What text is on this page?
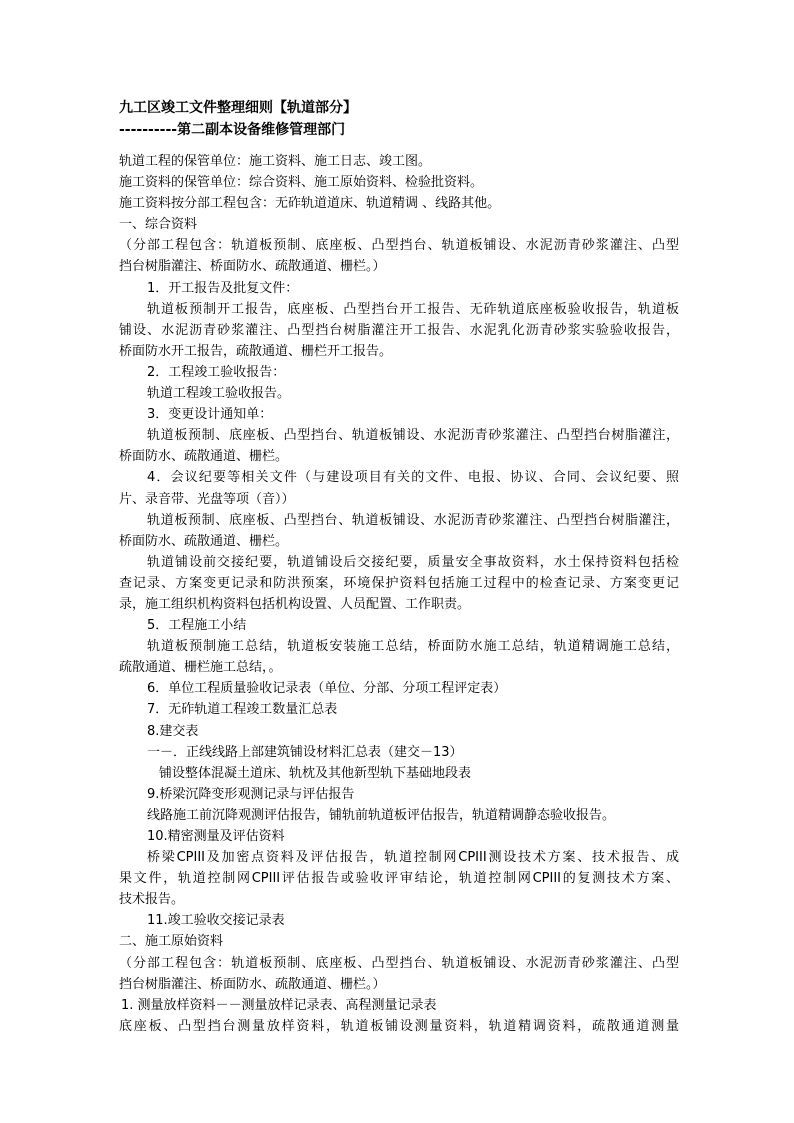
九工区竣工文件整理细则【轨道部分】
----------第二副本设备维修管理部门
轨道工程的保管单位：施工资料、施工日志、竣工图。
施工资料的保管单位：综合资料、施工原始资料、检验批资料。
施工资料按分部工程包含：无砟轨道道床、轨道精调 、线路其他。
一、综合资料
（分部工程包含：轨道板预制、底座板、凸型挡台、轨道板铺设、水泥沥青砂浆灌注、凸型
挡台树脂灌注、桥面防水、疏散通道、栅栏。）
1．开工报告及批复文件：
轨道板预制开工报告，底座板、凸型挡台开工报告、无砟轨道底座板验收报告，轨道板
铺设、水泥沥青砂浆灌注、凸型挡台树脂灌注开工报告、水泥乳化沥青砂浆实验验收报告，
桥面防水开工报告，疏散通道、栅栏开工报告。
2．工程竣工验收报告：
轨道工程竣工验收报告。
3．变更设计通知单：
轨道板预制、底座板、凸型挡台、轨道板铺设、水泥沥青砂浆灌注、凸型挡台树脂灌注，
桥面防水、疏散通道、栅栏。
4．会议纪要等相关文件（与建设项目有关的文件、电报、协议、合同、会议纪要、照
片、录音带、光盘等项（音））
轨道板预制、底座板、凸型挡台、轨道板铺设、水泥沥青砂浆灌注、凸型挡台树脂灌注，
桥面防水、疏散通道、栅栏。
轨道铺设前交接纪要，轨道铺设后交接纪要，质量安全事故资料，水土保持资料包括检
查记录、方案变更记录和防洪预案，环境保护资料包括施工过程中的检查记录、方案变更记
录，施工组织机构资料包括机构设置、人员配置、工作职责。
5．工程施工小结
轨道板预制施工总结，轨道板安装施工总结，桥面防水施工总结，轨道精调施工总结，
疏散通道、栅栏施工总结，。
6．单位工程质量验收记录表（单位、分部、分项工程评定表）
7．无砟轨道工程竣工数量汇总表
8.建交表
一－．正线线路上部建筑铺设材料汇总表（建交－13）
铺设整体混凝土道床、轨枕及其他新型轨下基础地段表
9.桥梁沉降变形观测记录与评估报告
线路施工前沉降观测评估报告，铺轨前轨道板评估报告，轨道精调静态验收报告。
10.精密测量及评估资料
桥梁CPIII及加密点资料及评估报告，轨道控制网CPIII测设技术方案、技术报告、成
果文件，轨道控制网CPIII评估报告或验收评审结论，轨道控制网CPIII的复测技术方案、
技术报告。
11.竣工验收交接记录表
二、施工原始资料
（分部工程包含：轨道板预制、底座板、凸型挡台、轨道板铺设、水泥沥青砂浆灌注、凸型
挡台树脂灌注、桥面防水、疏散通道、栅栏。）
1. 测量放样资料－－测量放样记录表、高程测量记录表
底座板、凸型挡台测量放样资料，轨道板铺设测量资料，轨道精调资料，疏散通道测量
